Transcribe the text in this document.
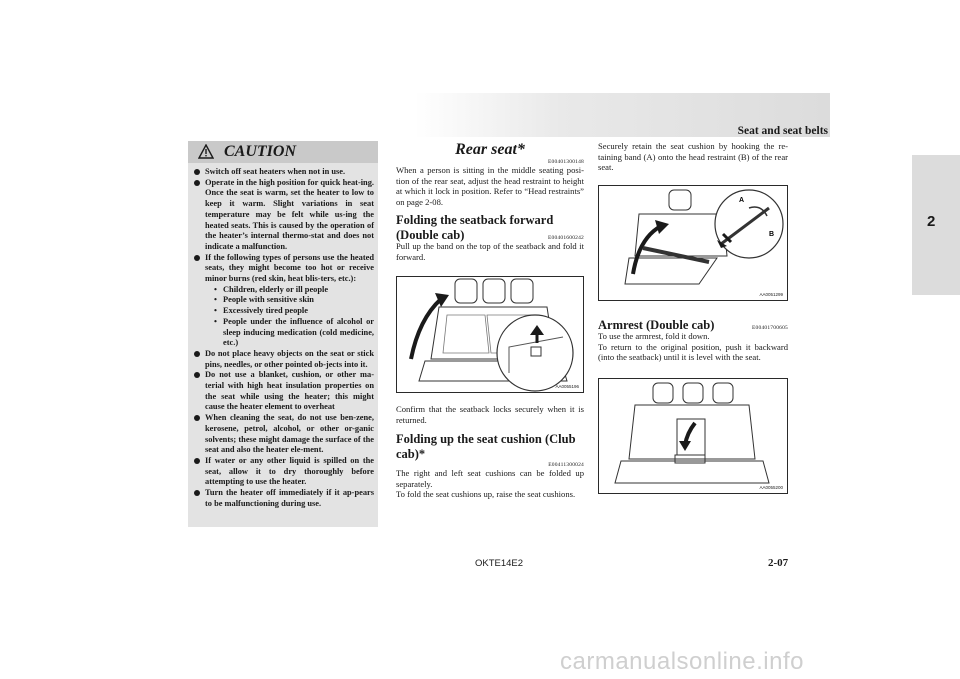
Seat and seat belts
2
CAUTION
Switch off seat heaters when not in use.
Operate in the high position for quick heat-ing. Once the seat is warm, set the heater to low to keep it warm. Slight variations in seat temperature may be felt while us-ing the heated seats. This is caused by the operation of the heater’s internal thermo-stat and does not indicate a malfunction.
If the following types of persons use the heated seats, they might become too hot or receive minor burns (red skin, heat blis-ters, etc.):
• Children, elderly or ill people
• People with sensitive skin
• Excessively tired people
• People under the influence of alcohol or sleep inducing medication (cold medicine, etc.)
Do not place heavy objects on the seat or stick pins, needles, or other pointed ob-jects into it.
Do not use a blanket, cushion, or other ma-terial with high heat insulation properties on the seat while using the heater; this might cause the heater element to overheat
When cleaning the seat, do not use ben-zene, kerosene, petrol, alcohol, or other or-ganic solvents; these might damage the surface of the seat and also the heater ele-ment.
If water or any other liquid is spilled on the seat, allow it to dry thoroughly before attempting to use the heater.
Turn the heater off immediately if it ap-pears to be malfunctioning during use.
Rear seat*
E00401300148

When a person is sitting in the middle seating posi-tion of the rear seat, adjust the head restraint to height at which it lock in position. Refer to “Head restraints” on page 2-08.

Folding the seatback forward (Double cab)	E00401600242

Pull up the band on the top of the seatback and fold it forward.

AA0055196

Confirm that the seatback locks securely when it is returned.

Folding up the seat cushion (Club cab)*
E00411300024

The right and left seat cushions can be folded up separately.

To fold the seat cushions up, raise the seat cushions.

Securely retain the seat cushion by hooking the re-taining band (A) onto the head restraint (B) of the rear seat.

A
B
AA0051299
Armrest (Double cab)	E00401700605

To use the armrest, fold it down.

To return to the original position, push it backward (into the seatback) until it is level with the seat.

AA0055200
OKTE14E2	2-07
carmanualsonline.info
